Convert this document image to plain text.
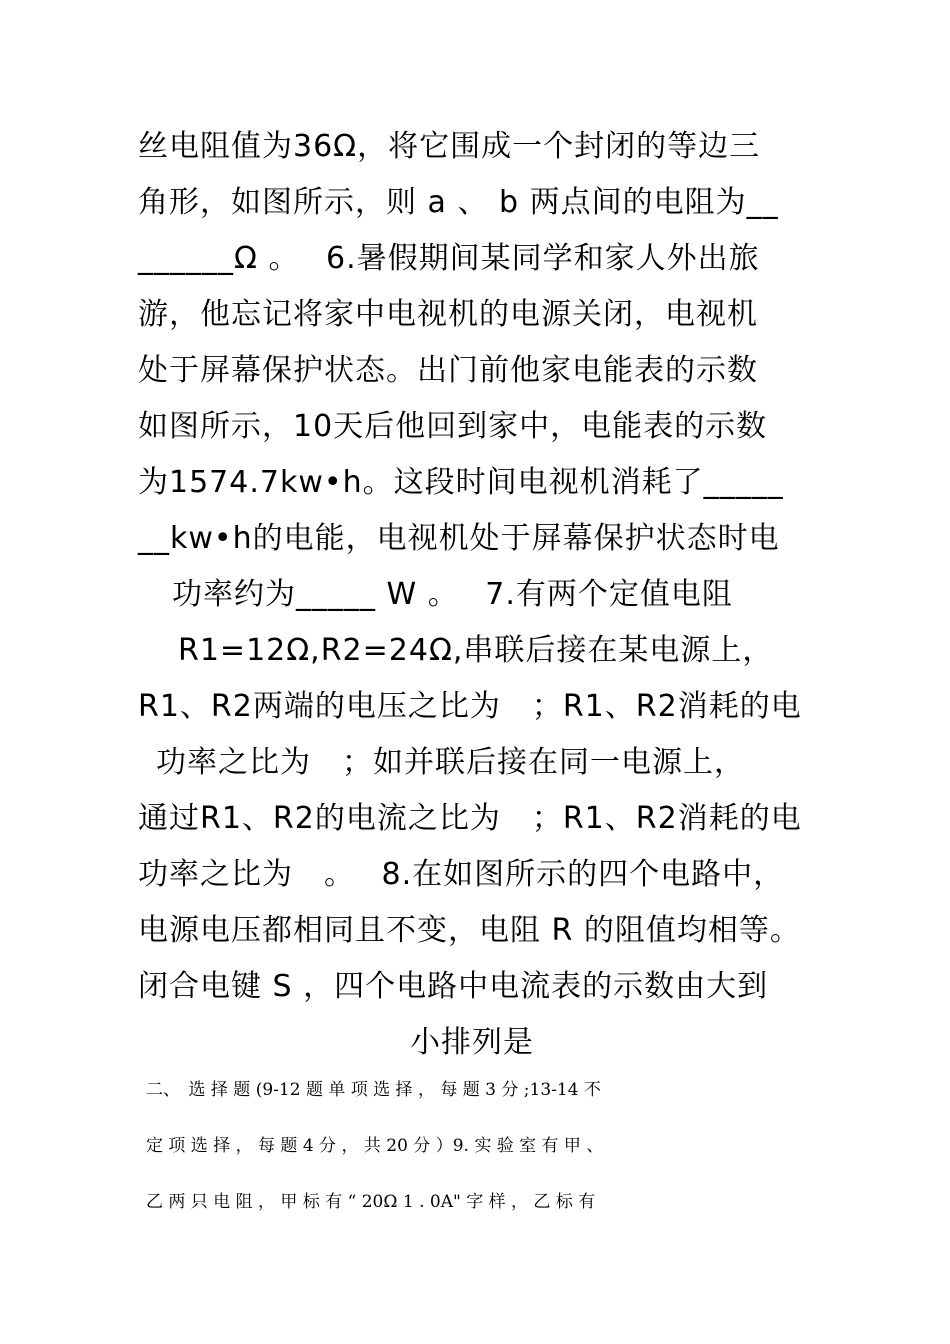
丝电阻值为36Ω，将它围成一个封闭的等边三
角形，如图所示，则 a 、 b 两点间的电阻为__
______Ω 。　 6.暑假期间某同学和家人外出旅
游，他忘记将家中电视机的电源关闭，电视机
处于屏幕保护状态。出门前他家电能表的示数
如图所示，10天后他回到家中，电能表的示数
为1574.7kw•h。这段时间电视机消耗了_____
__kw•h的电能，电视机处于屏幕保护状态时电
功率约为_____ W 。　 7.有两个定值电阻
R1=12Ω,R2=24Ω,串联后接在某电源上，
R1、R2两端的电压之比为　；R1、R2消耗的电
功率之比为　；如并联后接在同一电源上，
通过R1、R2的电流之比为　；R1、R2消耗的电
功率之比为　。　 8.在如图所示的四个电路中，
电源电压都相同且不变，电阻 R 的阻值均相等。
闭合电键 S ，四个电路中电流表的示数由大到
小排列是
二、　选 择 题 (9-12 题 单 项 选 择 ， 每 题 3 分 ;13-14 不
定 项 选 择 ， 每 题 4 分 ， 共 20 分 ）9. 实 验 室 有 甲 、
乙 两 只 电 阻 ， 甲 标 有 “ 20Ω 1 . 0A" 字 样 ， 乙 标 有
